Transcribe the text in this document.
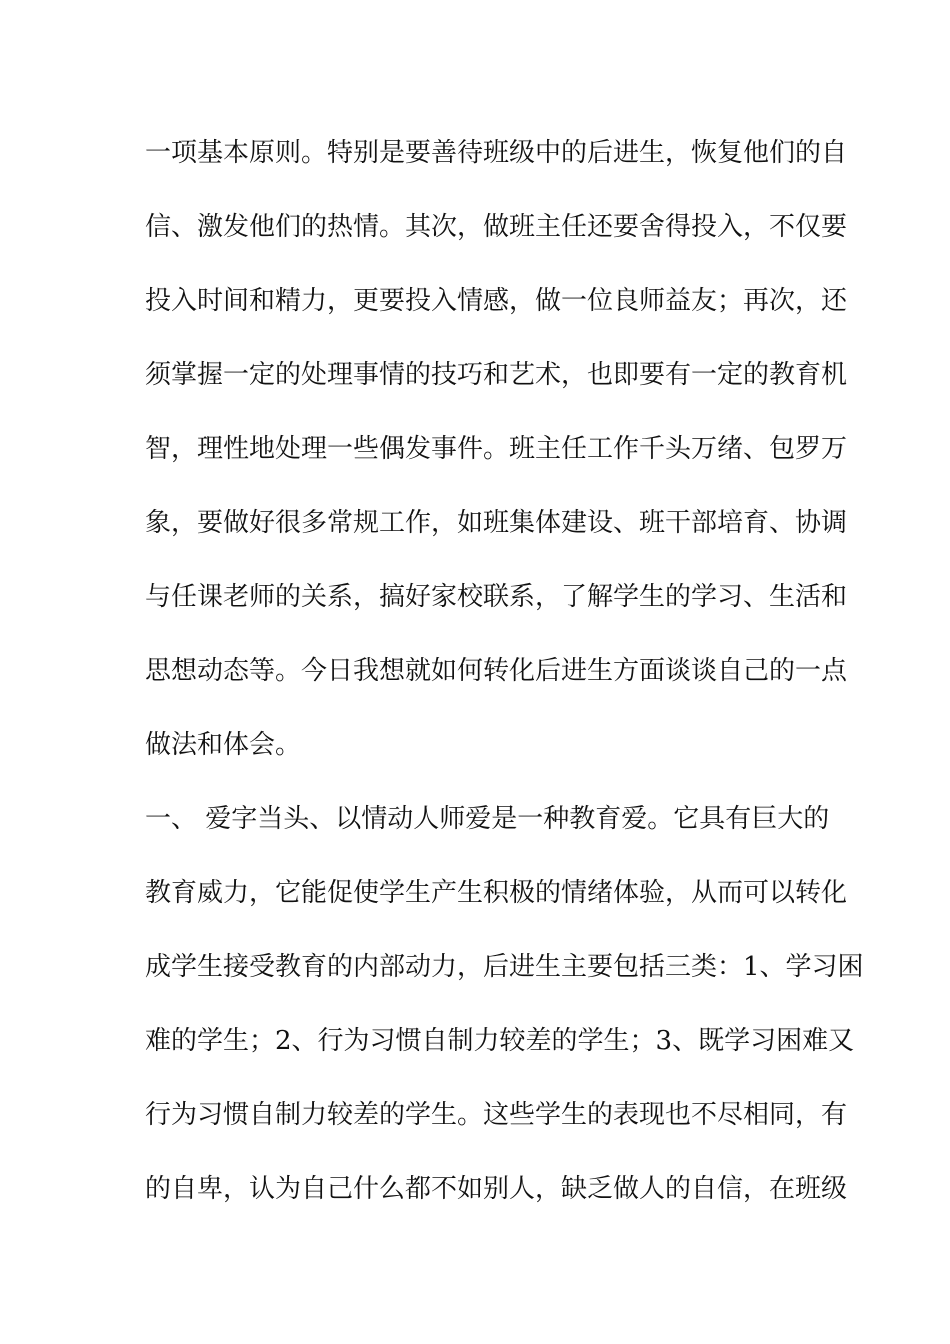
一项基本原则。特别是要善待班级中的后进生，恢复他们的自
信、激发他们的热情。其次，做班主任还要舍得投入，不仅要
投入时间和精力，更要投入情感，做一位良师益友；再次，还
须掌握一定的处理事情的技巧和艺术，也即要有一定的教育机
智，理性地处理一些偶发事件。班主任工作千头万绪、包罗万
象，要做好很多常规工作，如班集体建设、班干部培育、协调
与任课老师的关系，搞好家校联系，了解学生的学习、生活和
思想动态等。今日我想就如何转化后进生方面谈谈自己的一点
做法和体会。
一、 爱字当头、以情动人师爱是一种教育爱。它具有巨大的
教育威力，它能促使学生产生积极的情绪体验，从而可以转化
成学生接受教育的内部动力，后进生主要包括三类：1、学习困
难的学生；2、行为习惯自制力较差的学生；3、既学习困难又
行为习惯自制力较差的学生。这些学生的表现也不尽相同，有
的自卑，认为自己什么都不如别人，缺乏做人的自信，在班级
